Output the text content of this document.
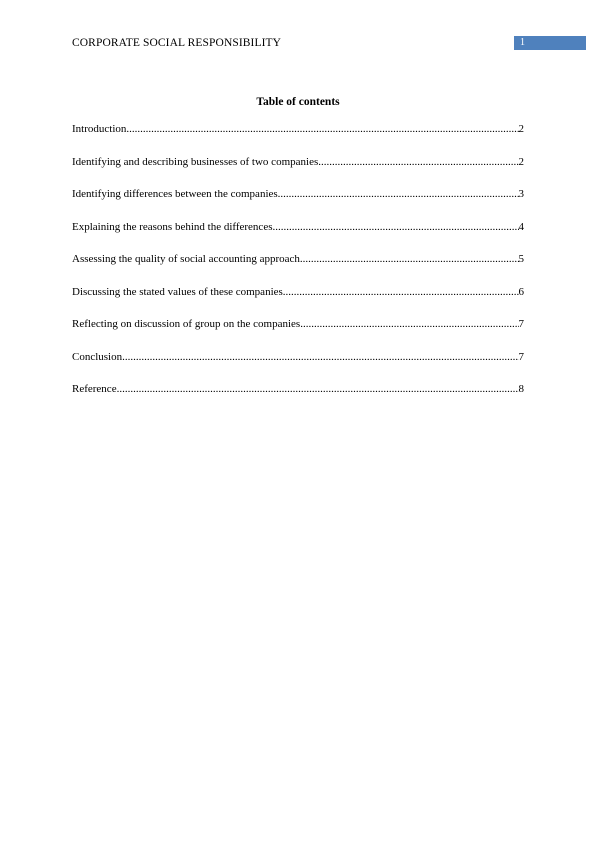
CORPORATE SOCIAL RESPONSIBILITY	1
Table of contents
Introduction .....	2
Identifying and describing businesses of two companies .....	2
Identifying differences between the companies .....	3
Explaining the reasons behind the differences .....	4
Assessing the quality of social accounting approach .....	5
Discussing the stated values of these companies .....	6
Reflecting on discussion of group on the companies .....	7
Conclusion .....	7
Reference .....	8
